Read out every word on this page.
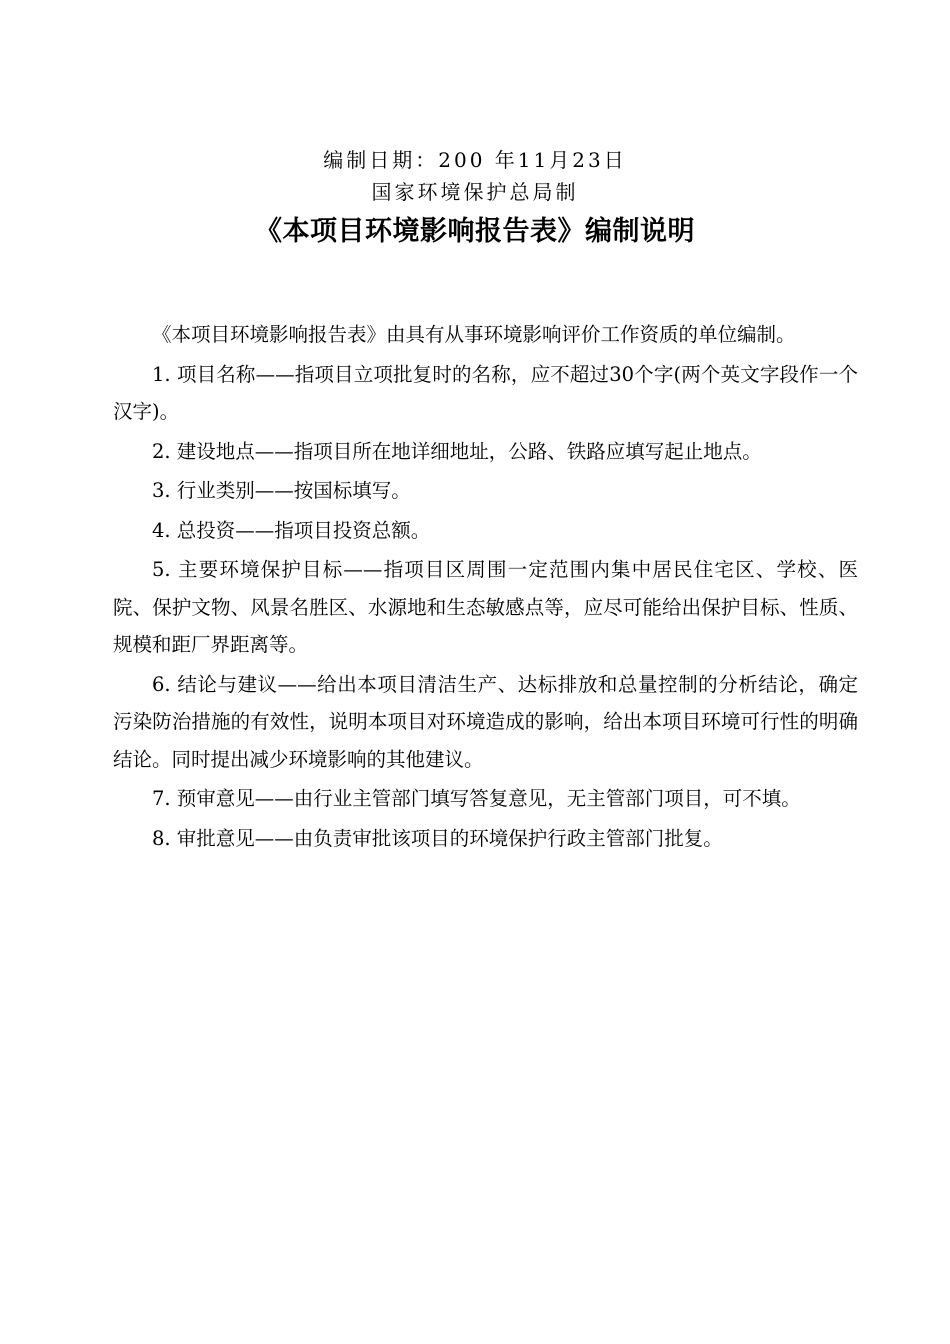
编制日期：200 年11月23日
国家环境保护总局制
《本项目环境影响报告表》编制说明

《本项目环境影响报告表》由具有从事环境影响评价工作资质的单位编制。

1. 项目名称——指项目立项批复时的名称，应不超过30个字(两个英文字段作一个汉字)。

2. 建设地点——指项目所在地详细地址，公路、铁路应填写起止地点。

3. 行业类别——按国标填写。

4. 总投资——指项目投资总额。

5. 主要环境保护目标——指项目区周围一定范围内集中居民住宅区、学校、医院、保护文物、风景名胜区、水源地和生态敏感点等，应尽可能给出保护目标、性质、规模和距厂界距离等。

6. 结论与建议——给出本项目清洁生产、达标排放和总量控制的分析结论，确定污染防治措施的有效性，说明本项目对环境造成的影响，给出本项目环境可行性的明确结论。同时提出减少环境影响的其他建议。

7. 预审意见——由行业主管部门填写答复意见，无主管部门项目，可不填。

8. 审批意见——由负责审批该项目的环境保护行政主管部门批复。
